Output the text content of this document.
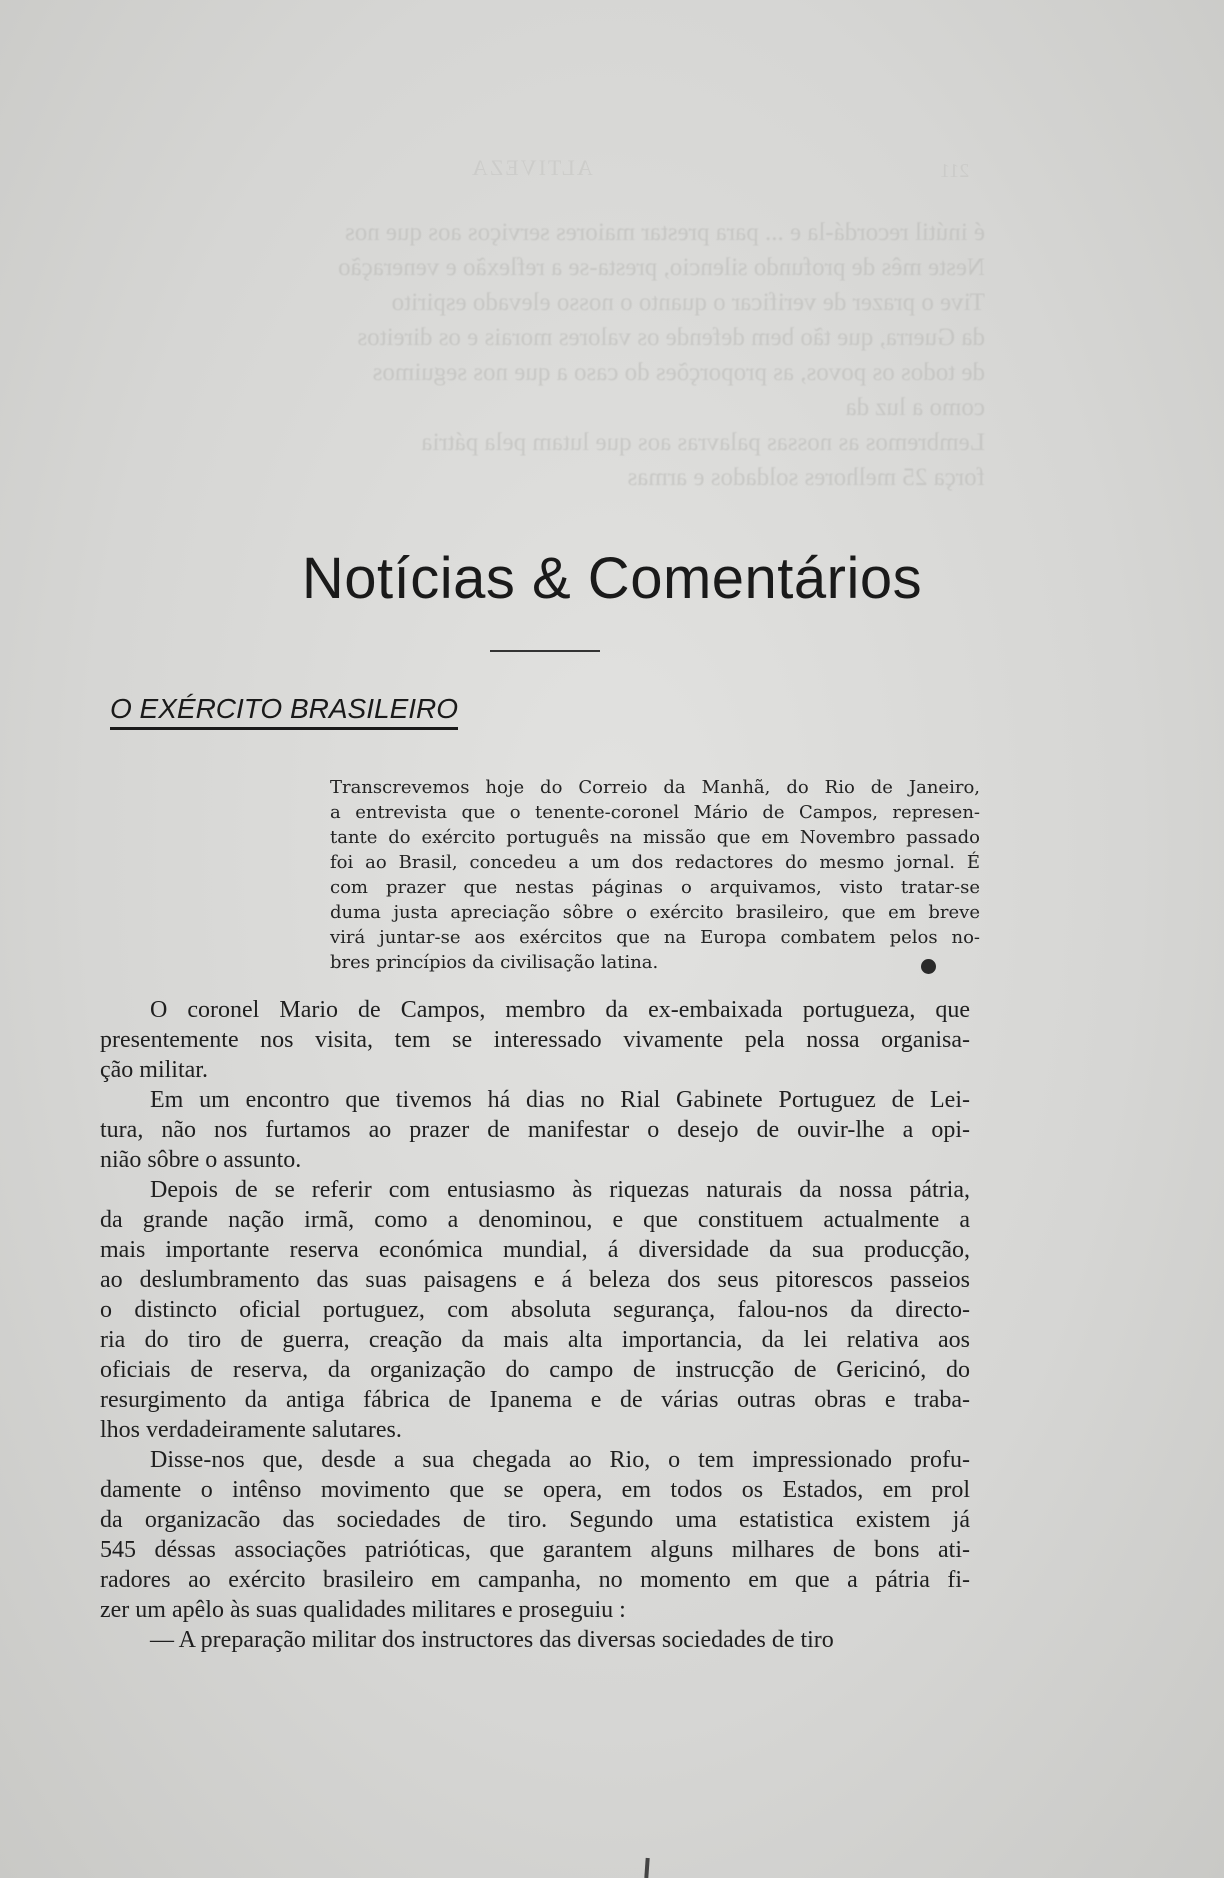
ALTIVEZA	211
é inútil recordá-la e ... para prestar maiores serviços aos que nos
Neste mês de profundo silencio, presta-se a reflexão e veneração
Tive o prazer de verificar o quanto o nosso elevado espirito
da Guerra, que tão bem defende os valores morais e os direitos
de todos os povos, as proporções do caso a que nos seguimos
como a luz da
Lembremos as nossas palavras aos que lutam pela pátria
força 25 melhores soldados e armas
Notícias & Comentários
O EXÉRCITO BRASILEIRO
Transcrevemos hoje do Correio da Manhã, do Rio de Janeiro,
a entrevista que o tenente-coronel Mário de Campos, represen-
tante do exército português na missão que em Novembro passado
foi ao Brasil, concedeu a um dos redactores do mesmo jornal. É
com prazer que nestas páginas o arquivamos, visto tratar-se
duma justa apreciação sôbre o exército brasileiro, que em breve
virá juntar-se aos exércitos que na Europa combatem pelos no-
bres princípios da civilisação latina.
O coronel Mario de Campos, membro da ex-embaixada portugueza, que
presentemente nos visita, tem se interessado vivamente pela nossa organisa-
ção militar.
Em um encontro que tivemos há dias no Rial Gabinete Portuguez de Lei-
tura, não nos furtamos ao prazer de manifestar o desejo de ouvir-lhe a opi-
nião sôbre o assunto.
Depois de se referir com entusiasmo às riquezas naturais da nossa pátria,
da grande nação irmã, como a denominou, e que constituem actualmente a
mais importante reserva económica mundial, á diversidade da sua producção,
ao deslumbramento das suas paisagens e á beleza dos seus pitorescos passeios
o distincto oficial portuguez, com absoluta segurança, falou-nos da directo-
ria do tiro de guerra, creação da mais alta importancia, da lei relativa aos
oficiais de reserva, da organização do campo de instrucção de Gericinó, do
resurgimento da antiga fábrica de Ipanema e de várias outras obras e traba-
lhos verdadeiramente salutares.
Disse-nos que, desde a sua chegada ao Rio, o tem impressionado profu-
damente o intênso movimento que se opera, em todos os Estados, em prol
da organizacão das sociedades de tiro. Segundo uma estatistica existem já
545 déssas associações patrióticas, que garantem alguns milhares de bons ati-
radores ao exército brasileiro em campanha, no momento em que a pátria fi-
zer um apêlo às suas qualidades militares e proseguiu :
— A preparação militar dos instructores das diversas sociedades de tiro
